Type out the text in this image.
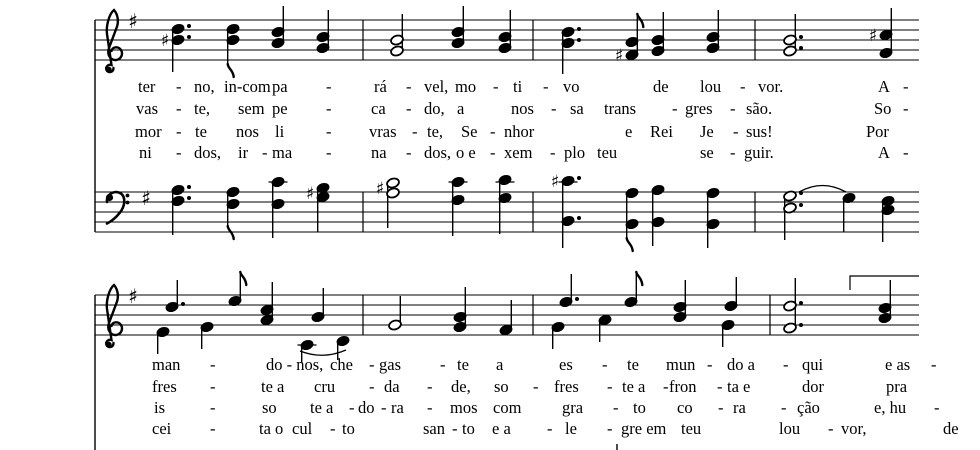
♯
♯
♯
♯
♯
♯	♯	♯
♯
ter - no, in-com pa -	rá - vel, mo - ti - vo	de lou - vor.	A -
vas - te, sem pe - ca - do, a	nos - sa trans - gres - são.	So -
mor - te nos li	- vras - te, Se - nhor	e Rei Je - sus!	Por
ni - dos, ir - ma - na - dos, o e - xem - plo teu	se - guir.	A -
man -	do - nos, che - gas - te a	es - te mun - do a - qui	e as -
fres -	te a cru - da - de, so - fres - te a - fron - ta e	dor	pra
is	-	so te a - do - ra - mos com gra - to co - ra - ção	e, hu -
cei -	ta o cul - to	san - to e a - le - gre em teu	lou - vor,	de
